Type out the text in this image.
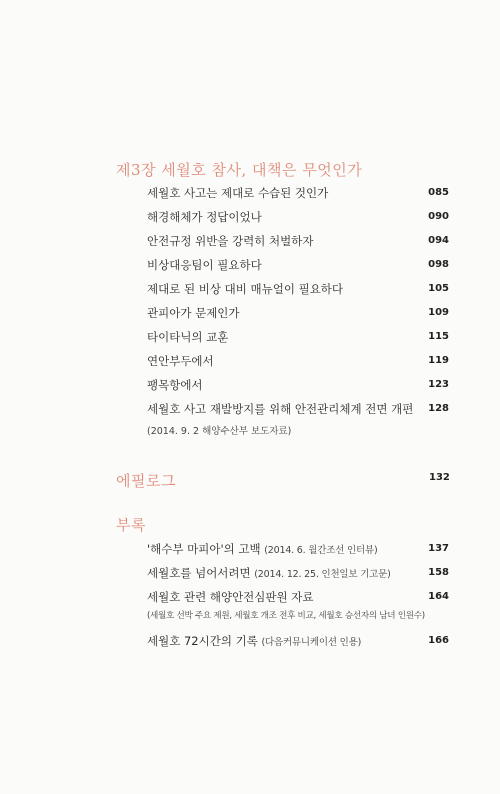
제3장 세월호 참사, 대책은 무엇인가
세월호 사고는 제대로 수습된 것인가	085
해경해체가 정답이었나	090
안전규정 위반을 강력히 처벌하자	094
비상대응팀이 필요하다	098
제대로 된 비상 대비 매뉴얼이 필요하다	105
관피아가 문제인가	109
타이타닉의 교훈	115
연안부두에서	119
팽목항에서	123
세월호 사고 재발방지를 위해 안전관리체계 전면 개편 128
(2014. 9. 2 해양수산부 보도자료)
에필로그	132
부록
'해수부 마피아'의 고백 (2014. 6. 월간조선 인터뷰)	137
세월호를 넘어서려면 (2014. 12. 25. 인천일보 기고문)	158
세월호 관련 해양안전심판원 자료	164
(세월호 선박 주요 제원, 세월호 개조 전후 비교, 세월호 승선자의 남녀 인원수)
세월호 72시간의 기록 (다음커뮤니케이션 인용)	166
